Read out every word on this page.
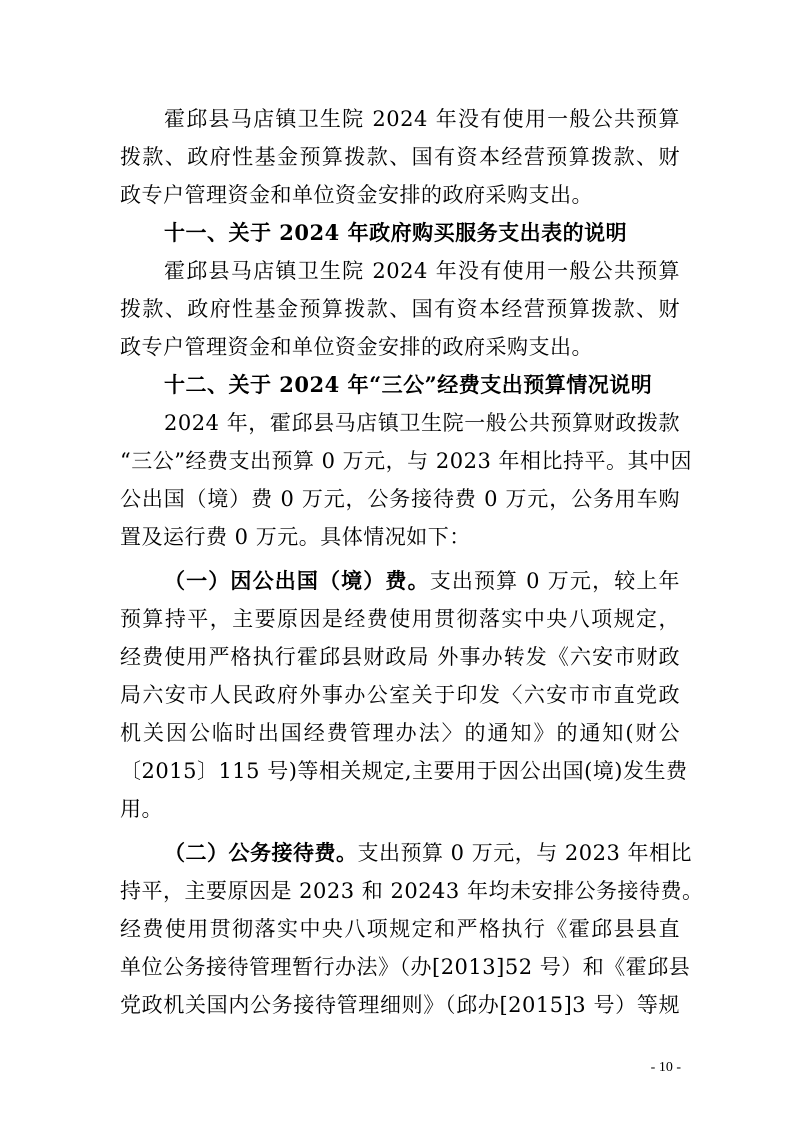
霍邱县马店镇卫生院 2024 年没有使用一般公共预算
拨款、政府性基金预算拨款、国有资本经营预算拨款、财
政专户管理资金和单位资金安排的政府采购支出。
十一、关于 2024 年政府购买服务支出表的说明
霍邱县马店镇卫生院 2024 年没有使用一般公共预算
拨款、政府性基金预算拨款、国有资本经营预算拨款、财
政专户管理资金和单位资金安排的政府采购支出。
十二、关于 2024 年“三公”经费支出预算情况说明
2024 年，霍邱县马店镇卫生院一般公共预算财政拨款
“三公”经费支出预算 0 万元，与 2023 年相比持平。其中因
公出国（境）费 0 万元，公务接待费 0 万元，公务用车购
置及运行费 0 万元。具体情况如下：
（一）因公出国（境）费。支出预算 0 万元，较上年
预算持平，主要原因是经费使用贯彻落实中央八项规定，
经费使用严格执行霍邱县财政局 外事办转发《六安市财政
局六安市人民政府外事办公室关于印发〈六安市市直党政
机关因公临时出国经费管理办法〉的通知》的通知(财公
〔2015〕115 号)等相关规定,主要用于因公出国(境)发生费
用。
（二）公务接待费。支出预算 0 万元，与 2023 年相比
持平，主要原因是 2023 和 20243 年均未安排公务接待费。
经费使用贯彻落实中央八项规定和严格执行《霍邱县县直
单位公务接待管理暂行办法》（办[2013]52 号）和《霍邱县
党政机关国内公务接待管理细则》（邱办[2015]3 号）等规
- 10 -
